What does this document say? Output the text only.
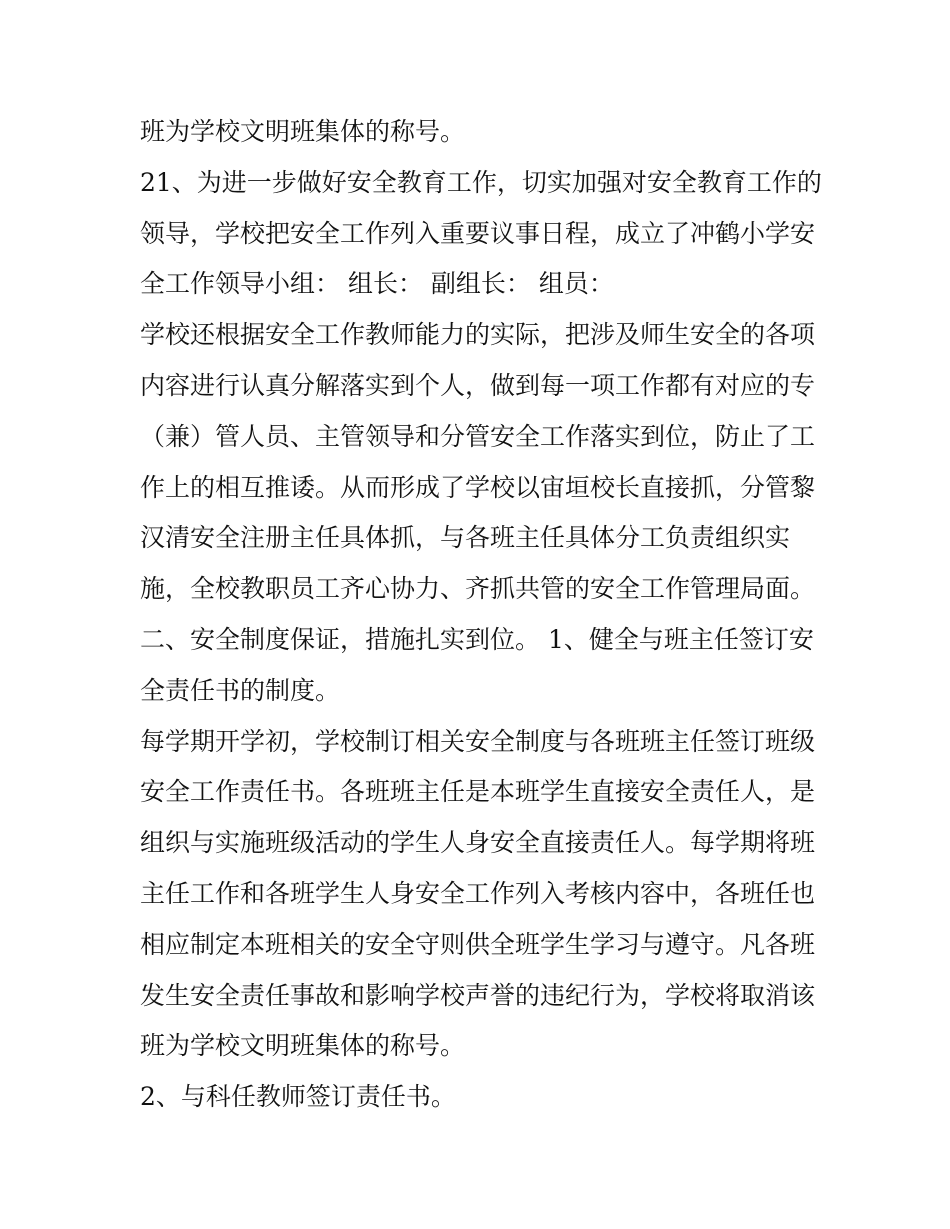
班为学校文明班集体的称号。
21、为进一步做好安全教育工作，切实加强对安全教育工作的
领导，学校把安全工作列入重要议事日程，成立了冲鹤小学安
全工作领导小组： 组长： 副组长： 组员：
学校还根据安全工作教师能力的实际，把涉及师生安全的各项
内容进行认真分解落实到个人，做到每一项工作都有对应的专
（兼）管人员、主管领导和分管安全工作落实到位，防止了工
作上的相互推诿。从而形成了学校以宙垣校长直接抓，分管黎
汉清安全注册主任具体抓，与各班主任具体分工负责组织实
施，全校教职员工齐心协力、齐抓共管的安全工作管理局面。
二、安全制度保证，措施扎实到位。 1、健全与班主任签订安
全责任书的制度。
每学期开学初，学校制订相关安全制度与各班班主任签订班级
安全工作责任书。各班班主任是本班学生直接安全责任人，是
组织与实施班级活动的学生人身安全直接责任人。每学期将班
主任工作和各班学生人身安全工作列入考核内容中，各班任也
相应制定本班相关的安全守则供全班学生学习与遵守。凡各班
发生安全责任事故和影响学校声誉的违纪行为，学校将取消该
班为学校文明班集体的称号。
2、与科任教师签订责任书。
